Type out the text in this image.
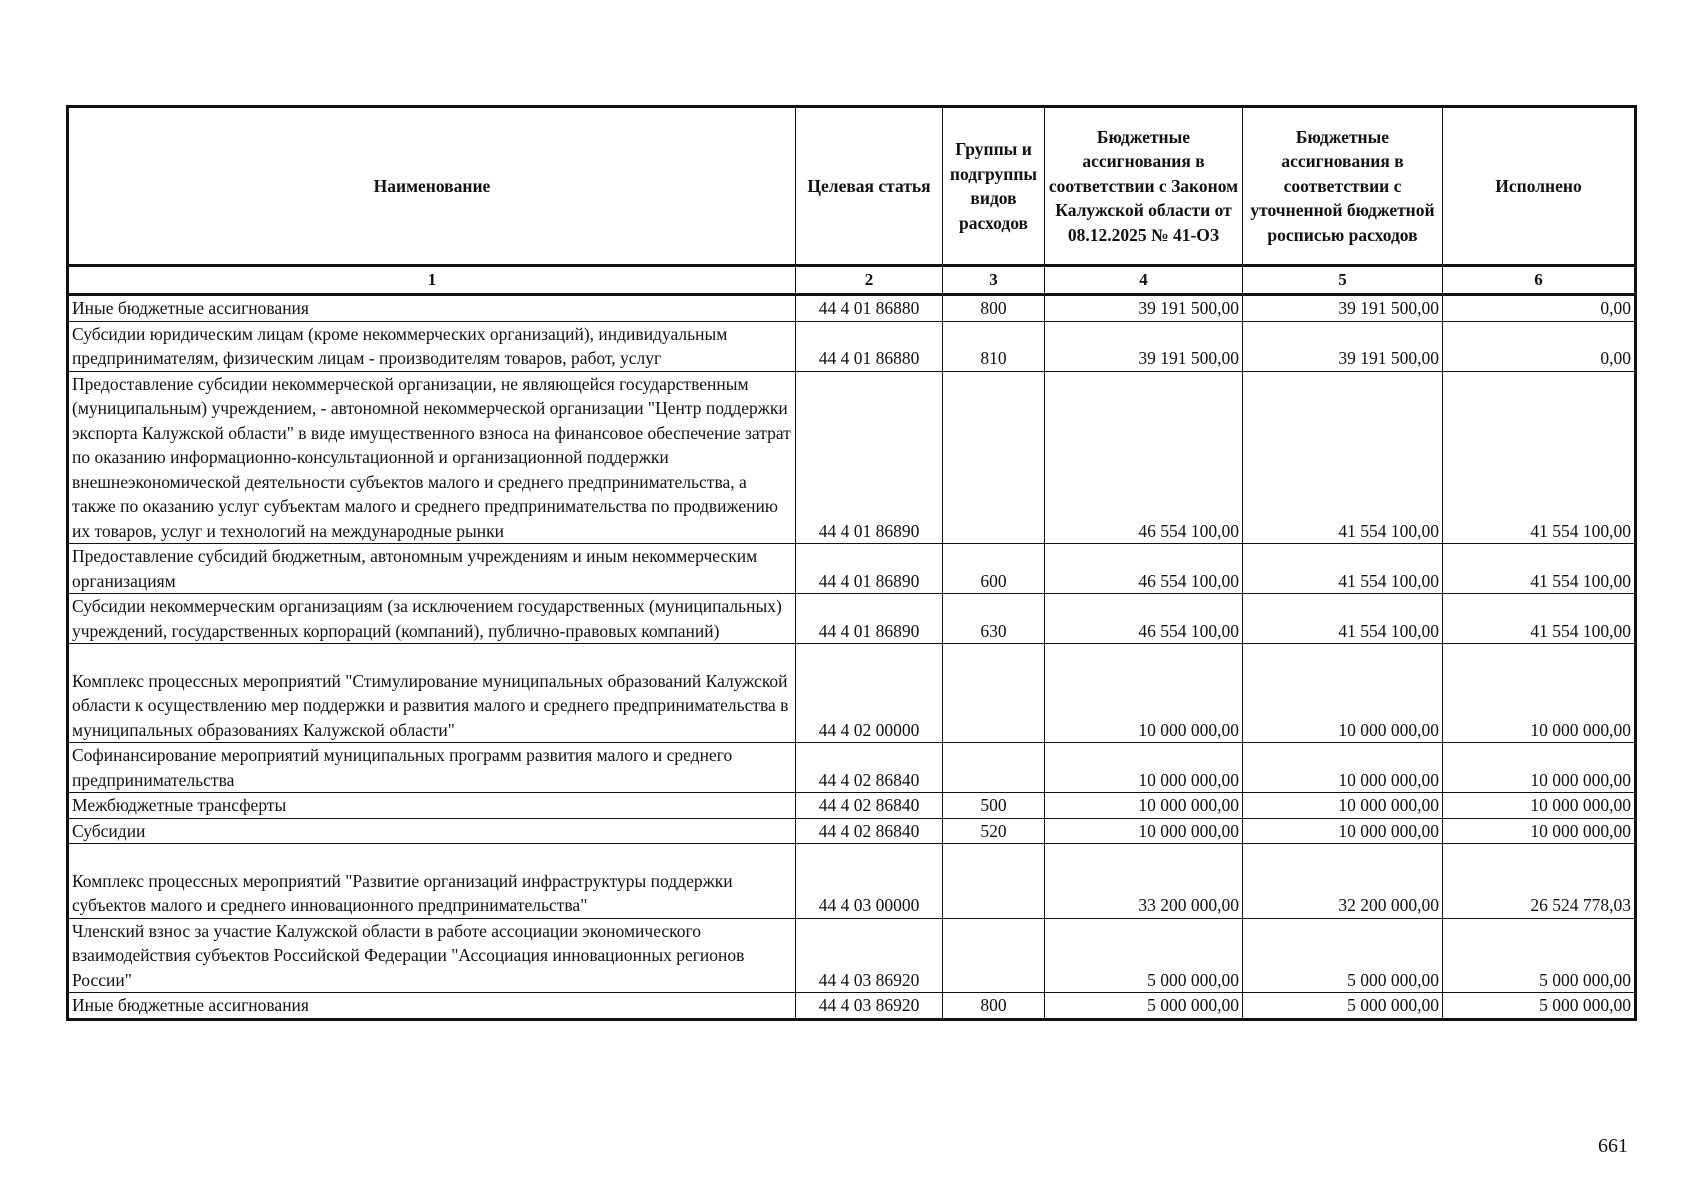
Наименование	Целевая статья	Группы и подгруппы видов расходов	Бюджетные ассигнования в соответствии с Законом Калужской области от 08.12.2025 № 41-ОЗ	Бюджетные ассигнования в соответствии с уточненной бюджетной росписью расходов	Исполнено
1	2	3	4	5	6
Иные бюджетные ассигнования	44 4 01 86880	800	39 191 500,00	39 191 500,00	0,00
Субсидии юридическим лицам (кроме некоммерческих организаций), индивидуальным предпринимателям, физическим лицам - производителям товаров, работ, услуг	44 4 01 86880	810	39 191 500,00	39 191 500,00	0,00
Предоставление субсидии некоммерческой организации, не являющейся государственным (муниципальным) учреждением, - автономной некоммерческой организации "Центр поддержки экспорта Калужской области" в виде имущественного взноса на финансовое обеспечение затрат по оказанию информационно-консультационной и организационной поддержки внешнеэкономической деятельности субъектов малого и среднего предпринимательства, а также по оказанию услуг субъектам малого и среднего предпринимательства по продвижению их товаров, услуг и технологий на международные рынки	44 4 01 86890		46 554 100,00	41 554 100,00	41 554 100,00
Предоставление субсидий бюджетным, автономным учреждениям и иным некоммерческим организациям	44 4 01 86890	600	46 554 100,00	41 554 100,00	41 554 100,00
Субсидии некоммерческим организациям (за исключением государственных (муниципальных) учреждений, государственных корпораций (компаний), публично-правовых компаний)	44 4 01 86890	630	46 554 100,00	41 554 100,00	41 554 100,00

Комплекс процессных мероприятий "Стимулирование муниципальных образований Калужской области к осуществлению мер поддержки и развития малого и среднего предпринимательства в муниципальных образованиях Калужской области"	44 4 02 00000		10 000 000,00	10 000 000,00	10 000 000,00
Софинансирование мероприятий муниципальных программ развития малого и среднего предпринимательства	44 4 02 86840		10 000 000,00	10 000 000,00	10 000 000,00
Межбюджетные трансферты	44 4 02 86840	500	10 000 000,00	10 000 000,00	10 000 000,00
Субсидии	44 4 02 86840	520	10 000 000,00	10 000 000,00	10 000 000,00

Комплекс процессных мероприятий "Развитие организаций инфраструктуры поддержки субъектов малого и среднего инновационного предпринимательства"	44 4 03 00000		33 200 000,00	32 200 000,00	26 524 778,03
Членский взнос за участие Калужской области в работе ассоциации экономического взаимодействия субъектов Российской Федерации "Ассоциация инновационных регионов России"	44 4 03 86920		5 000 000,00	5 000 000,00	5 000 000,00
Иные бюджетные ассигнования	44 4 03 86920	800	5 000 000,00	5 000 000,00	5 000 000,00
661
